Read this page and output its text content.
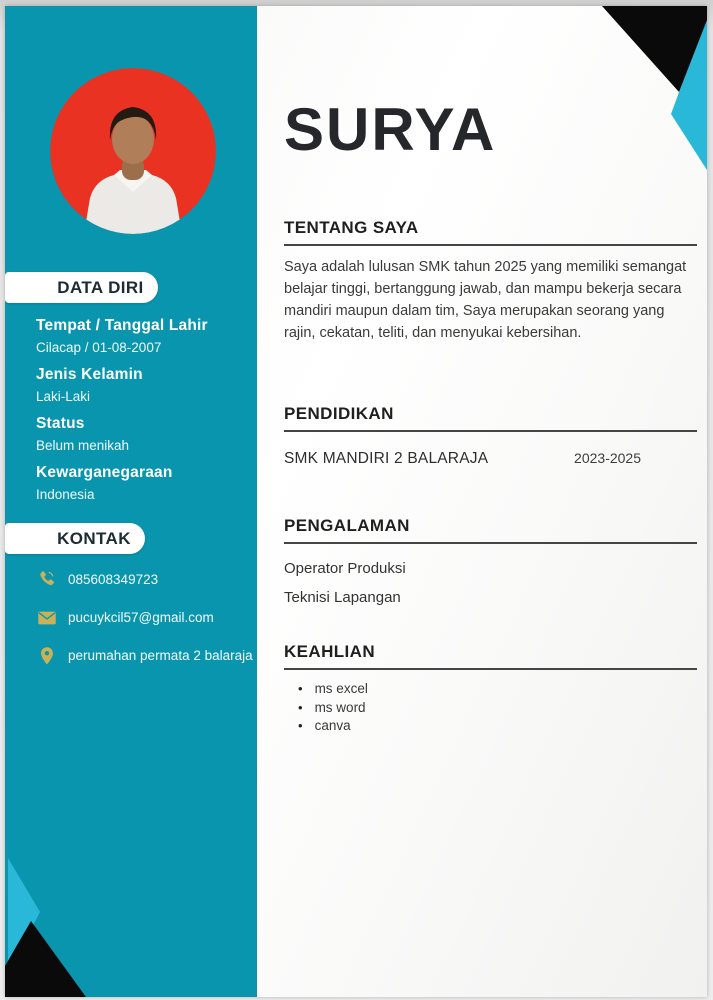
DATA DIRI
Tempat / Tanggal Lahir
Cilacap / 01-08-2007
Jenis Kelamin
Laki-Laki
Status
Belum menikah
Kewarganegaraan
Indonesia
KONTAK
085608349723
pucuykcil57@gmail.com
perumahan permata 2 balaraja
SURYA
TENTANG SAYA

Saya adalah lulusan SMK tahun 2025 yang memiliki semangat belajar tinggi, bertanggung jawab, dan mampu bekerja secara mandiri maupun dalam tim, Saya merupakan seorang yang rajin, cekatan, teliti, dan menyukai kebersihan.

PENDIDIKAN
SMK MANDIRI 2 BALARAJA	2023-2025
PENGALAMAN
Operator Produksi
Teknisi Lapangan
KEAHLIAN
• ms excel
• ms word
• canva
